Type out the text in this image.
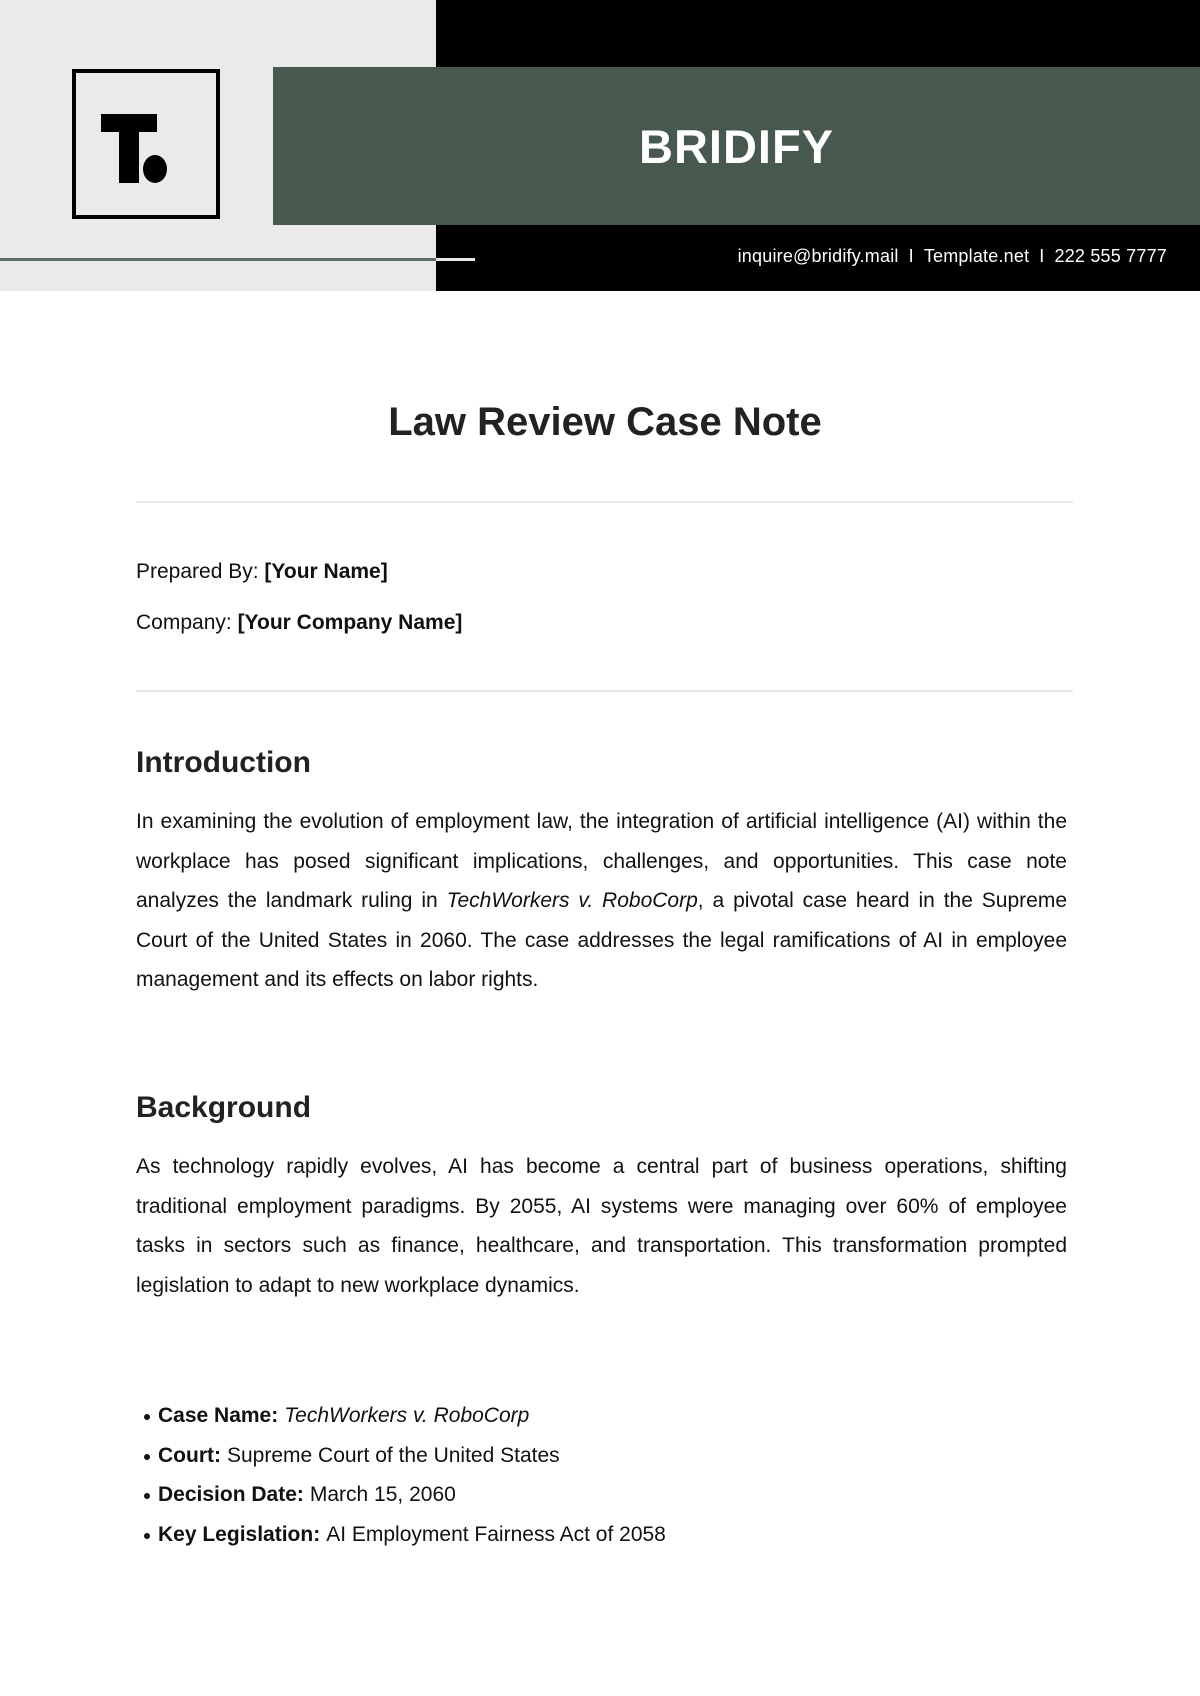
BRIDIFY
inquire@bridify.mail I Template.net I 222 555 7777
Law Review Case Note
Prepared By: [Your Name]
Company: [Your Company Name]
Introduction

In examining the evolution of employment law, the integration of artificial intelligence (AI) within the workplace has posed significant implications, challenges, and opportunities. This case note analyzes the landmark ruling in TechWorkers v. RoboCorp, a pivotal case heard in the Supreme Court of the United States in 2060. The case addresses the legal ramifications of AI in employee management and its effects on labor rights.

Background

As technology rapidly evolves, AI has become a central part of business operations, shifting traditional employment paradigms. By 2055, AI systems were managing over 60% of employee tasks in sectors such as finance, healthcare, and transportation. This transformation prompted legislation to adapt to new workplace dynamics.

Case Name: TechWorkers v. RoboCorp
Court: Supreme Court of the United States
Decision Date: March 15, 2060
Key Legislation: AI Employment Fairness Act of 2058
